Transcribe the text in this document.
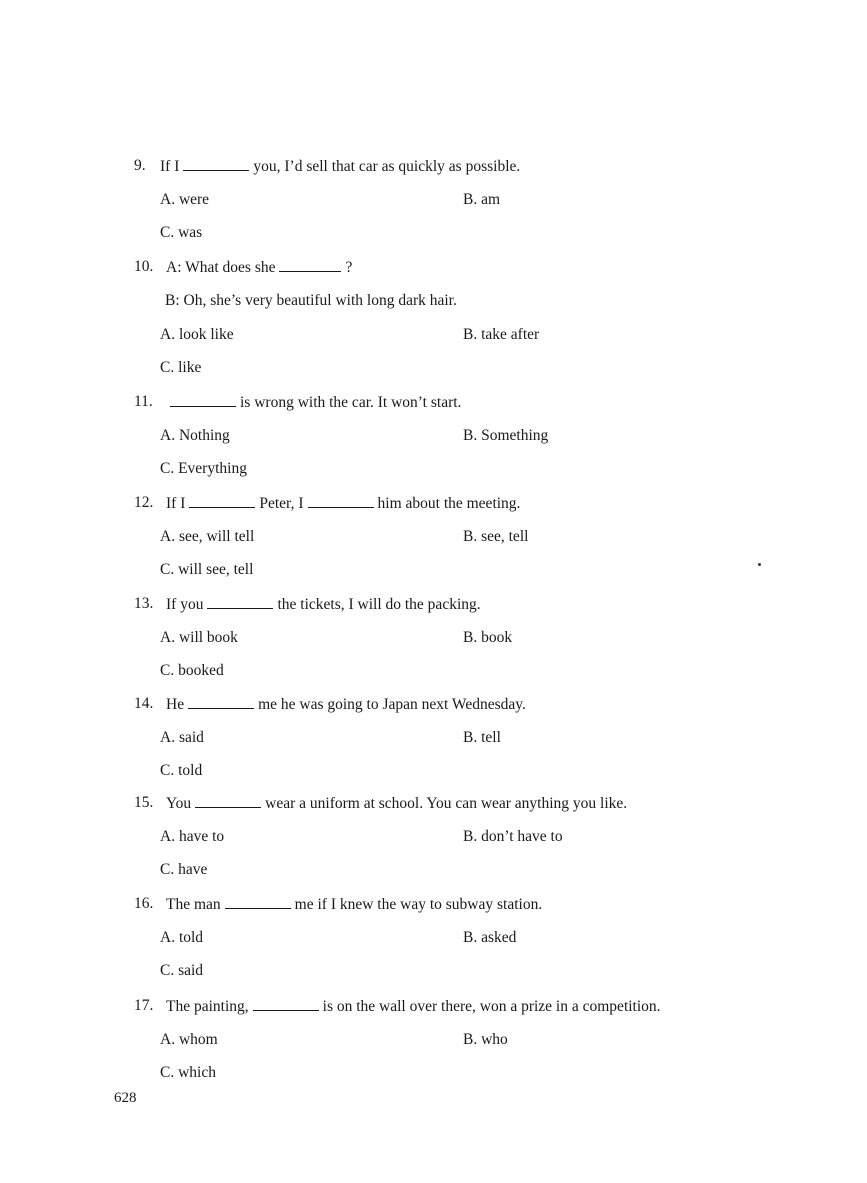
9. If I	you, I’d sell that car as quickly as possible.
A. were	B. am
C. was
10. A: What does she	?
B: Oh, she’s very beautiful with long dark hair.
A. look like	B. take after
C. like
11.	is wrong with the car. It won’t start.
A. Nothing	B. Something
C. Everything
12. If I	Peter, I	him about the meeting.
A. see, will tell	B. see, tell
C. will see, tell
13. If you	the tickets, I will do the packing.
A. will book	B. book
C. booked
14. He	me he was going to Japan next Wednesday.
A. said	B. tell
C. told
15. You	wear a uniform at school. You can wear anything you like.
A. have to	B. don’t have to
C. have
16. The man	me if I knew the way to subway station.
A. told	B. asked
C. said
17. The painting,	is on the wall over there, won a prize in a competition.
A. whom	B. who
C. which
628
